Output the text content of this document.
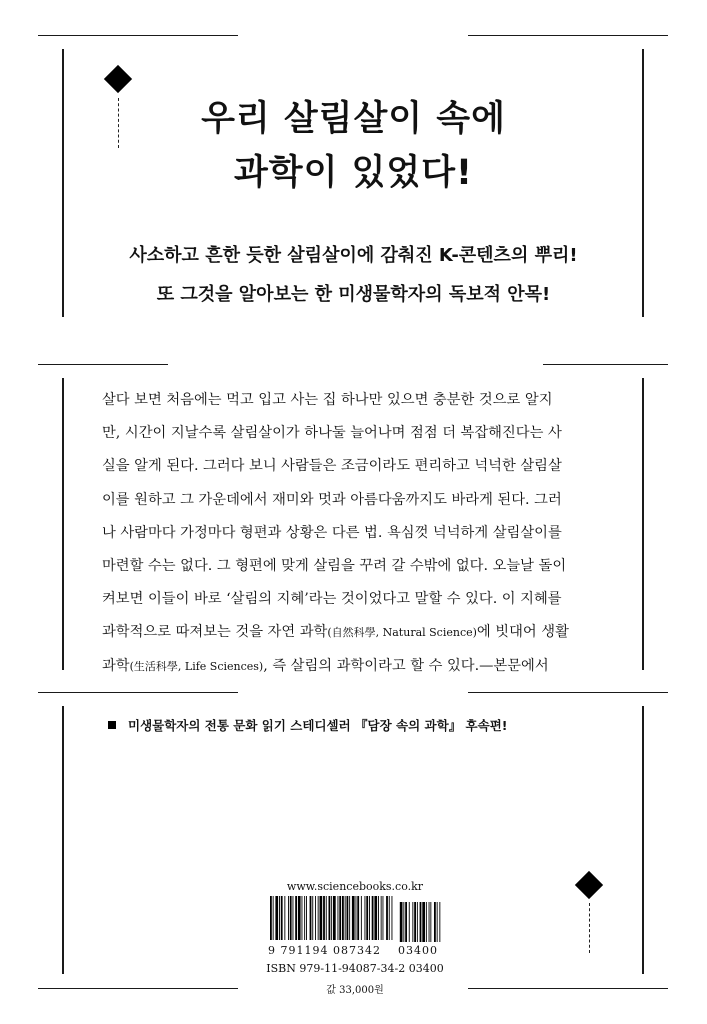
우리 살림살이 속에
과학이 있었다!
사소하고 흔한 듯한 살림살이에 감춰진 K-콘텐츠의 뿌리!
또 그것을 알아보는 한 미생물학자의 독보적 안목!
살다 보면 처음에는 먹고 입고 사는 집 하나만 있으면 충분한 것으로 알지
만, 시간이 지날수록 살림살이가 하나둘 늘어나며 점점 더 복잡해진다는 사
실을 알게 된다. 그러다 보니 사람들은 조금이라도 편리하고 넉넉한 살림살
이를 원하고 그 가운데에서 재미와 멋과 아름다움까지도 바라게 된다. 그러
나 사람마다 가정마다 형편과 상황은 다른 법. 욕심껏 넉넉하게 살림살이를
마련할 수는 없다. 그 형편에 맞게 살림을 꾸려 갈 수밖에 없다. 오늘날 돌이
켜보면 이들이 바로 ‘살림의 지혜’라는 것이었다고 말할 수 있다. 이 지혜를
과학적으로 따져보는 것을 자연 과학(自然科學, Natural Science)에 빗대어 생활
과학(生活科學, Life Sciences), 즉 살림의 과학이라고 할 수 있다.—본문에서
미생물학자의 전통 문화 읽기 스테디셀러 『담장 속의 과학』 후속편!
www.sciencebooks.co.kr
9 791194 087342 03400
ISBN 979-11-94087-34-2 03400
값 33,000원
